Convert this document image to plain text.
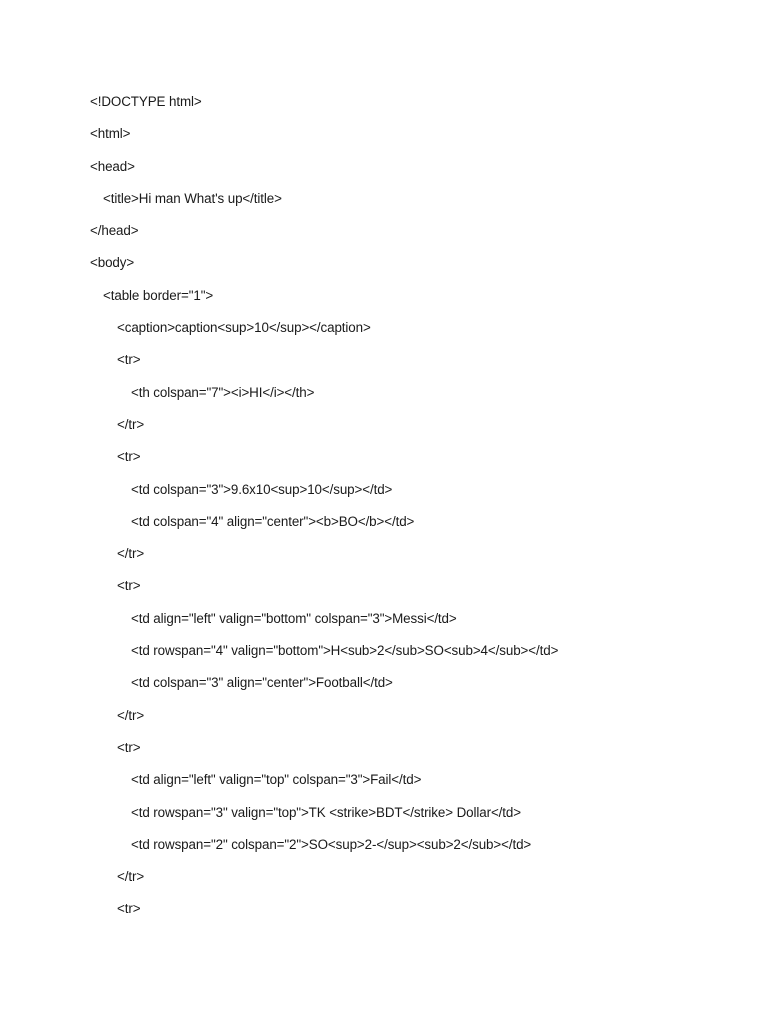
<!DOCTYPE html>
<html>
<head>
<title>Hi man What's up</title>
</head>
<body>
<table border="1">
<caption>caption<sup>10</sup></caption>
<tr>
<th colspan="7"><i>HI</i></th>
</tr>
<tr>
<td colspan="3">9.6x10<sup>10</sup></td>
<td colspan="4" align="center"><b>BO</b></td>
</tr>
<tr>
<td align="left" valign="bottom" colspan="3">Messi</td>
<td rowspan="4" valign="bottom">H<sub>2</sub>SO<sub>4</sub></td>
<td colspan="3" align="center">Football</td>
</tr>
<tr>
<td align="left" valign="top" colspan="3">Fail</td>
<td rowspan="3" valign="top">TK <strike>BDT</strike> Dollar</td>
<td rowspan="2" colspan="2">SO<sup>2-</sup><sub>2</sub></td>
</tr>
<tr>
